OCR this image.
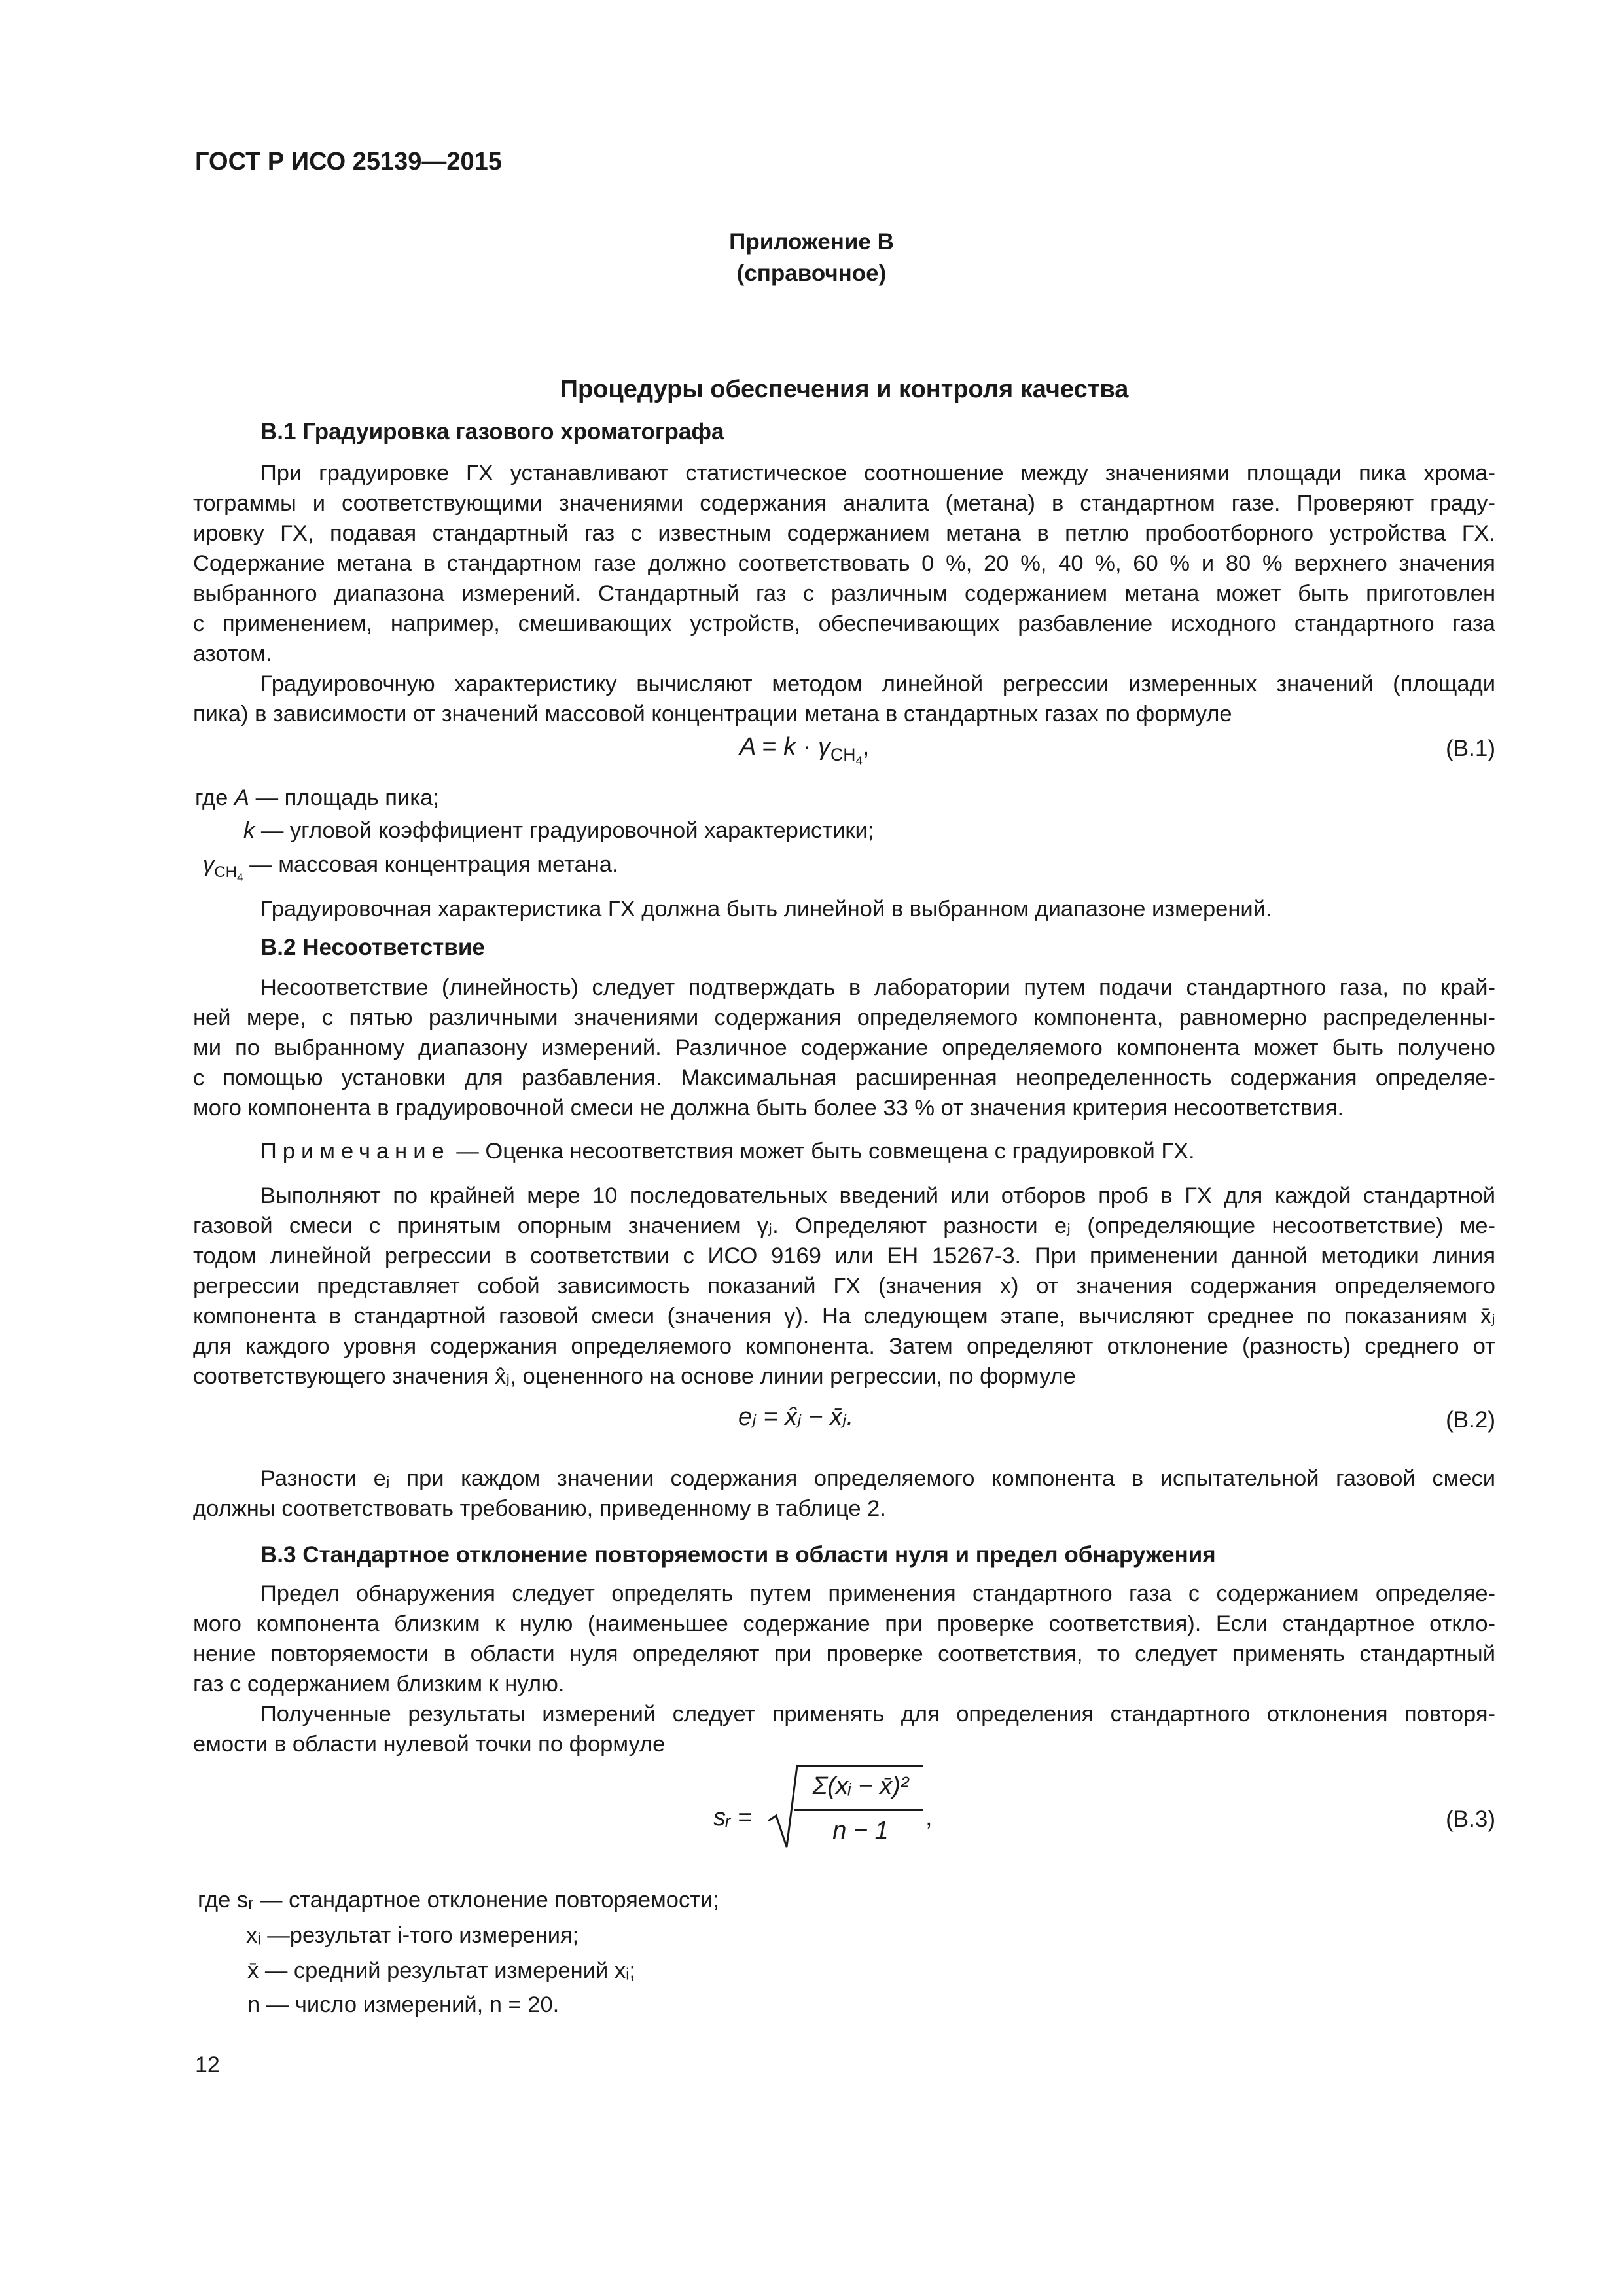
ГОСТ Р ИСО 25139—2015
Приложение В
(справочное)
Процедуры обеспечения и контроля качества
В.1 Градуировка газового хроматографа
При градуировке ГХ устанавливают статистическое соотношение между значениями площади пика хрома-
тограммы и соответствующими значениями содержания аналита (метана) в стандартном газе. Проверяют граду-
ировку ГХ, подавая стандартный газ с известным содержанием метана в петлю пробоотборного устройства ГХ.
Содержание метана в стандартном газе должно соответствовать 0 %, 20 %, 40 %, 60 % и 80 % верхнего значения
выбранного диапазона измерений. Стандартный газ с различным содержанием метана может быть приготовлен
с применением, например, смешивающих устройств, обеспечивающих разбавление исходного стандартного газа
азотом.
Градуировочную характеристику вычисляют методом линейной регрессии измеренных значений (площади
пика) в зависимости от значений массовой концентрации метана в стандартных газах по формуле
$A = k \cdot \gamma_{CH_4}$,	(B.1)
где A — площадь пика;
k — угловой коэффициент градуировочной характеристики;
$\gamma_{CH_4}$ — массовая концентрация метана.
Градуировочная характеристика ГХ должна быть линейной в выбранном диапазоне измерений.
В.2 Несоответствие
Несоответствие (линейность) следует подтверждать в лаборатории путем подачи стандартного газа, по край-
ней мере, с пятью различными значениями содержания определяемого компонента, равномерно распределенны-
ми по выбранному диапазону измерений. Различное содержание определяемого компонента может быть получено
с помощью установки для разбавления. Максимальная расширенная неопределенность содержания определяе-
мого компонента в градуировочной смеси не должна быть более 33 % от значения критерия несоответствия.
Примечание — Оценка несоответствия может быть совмещена с градуировкой ГХ.
Выполняют по крайней мере 10 последовательных введений или отборов проб в ГХ для каждой стандартной
газовой смеси с принятым опорным значением γⱼ. Определяют разности eⱼ (определяющие несоответствие) ме-
тодом линейной регрессии в соответствии с ИСО 9169 или ЕН 15267-3. При применении данной методики линия
регрессии представляет собой зависимость показаний ГХ (значения x) от значения содержания определяемого
компонента в стандартной газовой смеси (значения γ). На следующем этапе, вычисляют среднее по показаниям x̄ⱼ
для каждого уровня содержания определяемого компонента. Затем определяют отклонение (разность) среднего от
соответствующего значения x̂ⱼ, оцененного на основе линии регрессии, по формуле
eⱼ = x̂ⱼ − x̄ⱼ.	(B.2)
Разности eⱼ при каждом значении содержания определяемого компонента в испытательной газовой смеси
должны соответствовать требованию, приведенному в таблице 2.
В.3 Стандартное отклонение повторяемости в области нуля и предел обнаружения
Предел обнаружения следует определять путем применения стандартного газа с содержанием определяе-
мого компонента близким к нулю (наименьшее содержание при проверке соответствия). Если стандартное откло-
нение повторяемости в области нуля определяют при проверке соответствия, то следует применять стандартный
газ с содержанием близким к нулю.
Полученные результаты измерений следует применять для определения стандартного отклонения повторя-
емости в области нулевой точки по формуле
sᵣ =
Σ(xᵢ − x̄)²
n − 1	,	(B.3)
где sᵣ — стандартное отклонение повторяемости;
xᵢ —результат i-того измерения;
x̄ — средний результат измерений xᵢ;
n — число измерений, n = 20.
12
